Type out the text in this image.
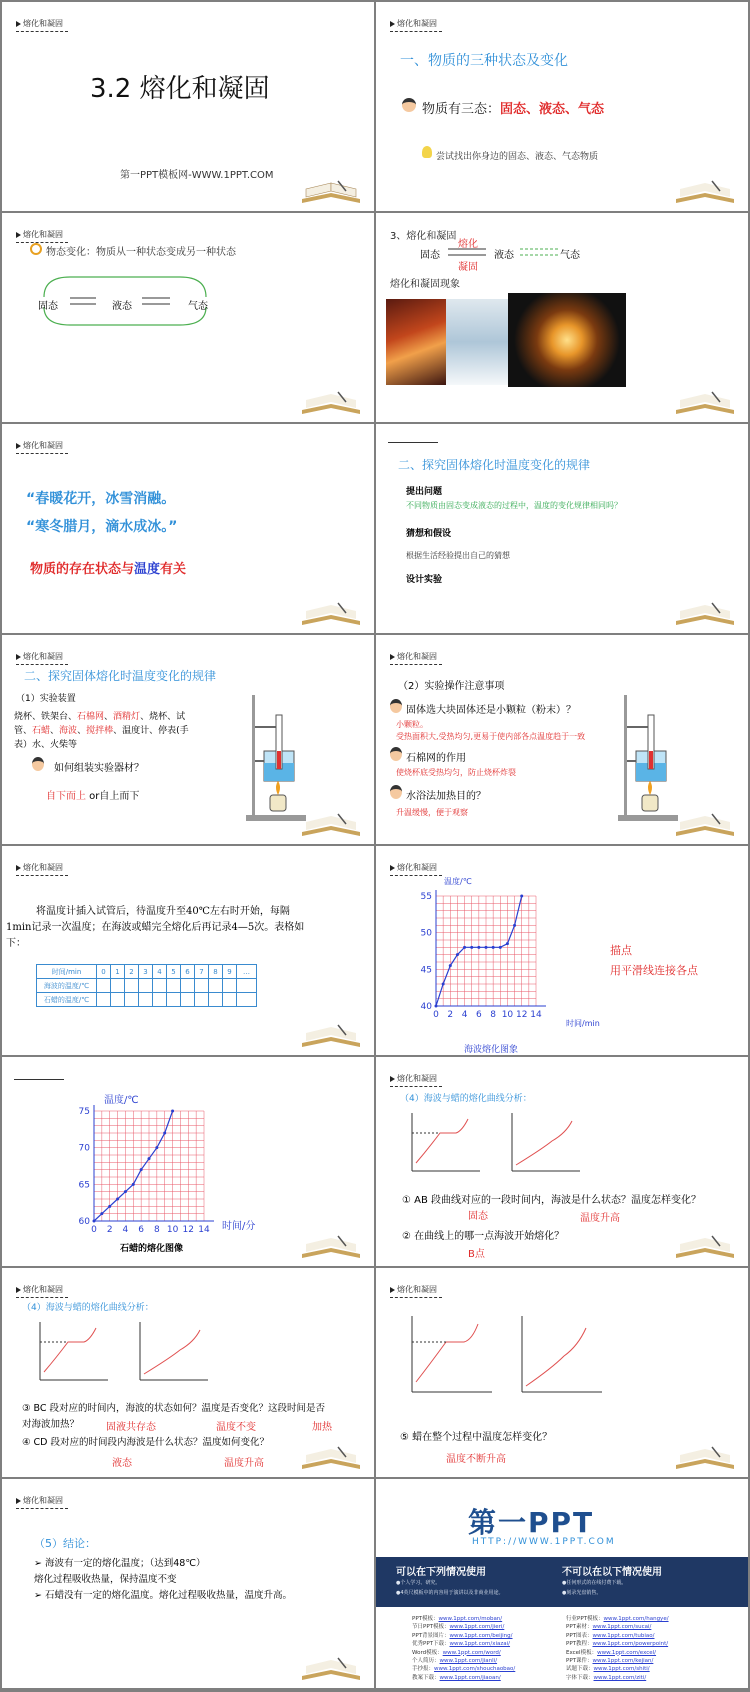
熔化和凝固
3.2 熔化和凝固
第一PPT模板网-WWW.1PPT.COM
熔化和凝固
一、物质的三种状态及变化
物质有三态：固态、液态、气态
尝试找出你身边的固态、液态、气态物质
熔化和凝固
物态变化：物质从一种状态变成另一种状态
固态	液态	气态
3、熔化和凝固
固态
熔化
凝固
液态	气态
熔化和凝固现象
熔化和凝固
“春暖花开，冰雪消融。
“寒冬腊月，滴水成冰。”
物质的存在状态与温度有关
二、探究固体熔化时温度变化的规律
提出问题
不同物质由固态变成液态的过程中，温度的变化规律相同吗？
猜想和假设
根据生活经验提出自己的猜想
设计实验
熔化和凝固
二、探究固体熔化时温度变化的规律
（1）实验装置
烧杯、铁架台、石棉网、酒精灯、烧杯、试
管、石蜡、海波、搅拌棒、温度计、停表(手
表）水、火柴等
如何组装实验器材？
自下而上 or自上而下
熔化和凝固
（2）实验操作注意事项
固体选大块固体还是小颗粒（粉末）？
小颗粒。
受热面积大,受热均匀,更易于使内部各点温度趋于一致
石棉网的作用
使烧杯底受热均匀，防止烧杯炸裂
水浴法加热目的？
升温缓慢，便于观察
熔化和凝固
将温度计插入试管后，待温度升至40℃左右时开始，每隔
1min记录一次温度；在海波或蜡完全熔化后再记录4—5次。表格如
下：
时间/min	0	1	2	3	4	5	6	7	8	9	…
海波的温度/℃											
石蜡的温度/℃											
熔化和凝固
温度/℃
55
50
45
40
0 2 4 6 8 10 12 14
时间/min
海波熔化图象
描点
用平滑线连接各点
温度/℃
75
70
65
60
0 2 4 6 8 10 12 14 时间/分
石蜡的熔化图像
熔化和凝固
（4）海波与蜡的熔化曲线分析：
① AB 段曲线对应的一段时间内，海波是什么状态？温度怎样变化？
固态	温度升高
② 在曲线上的哪一点海波开始熔化？
B点
熔化和凝固
（4）海波与蜡的熔化曲线分析：
③ BC 段对应的时间内，海波的状态如何？温度是否变化？这段时间是否
对海波加热？	固液共存态	温度不变	加热
④ CD 段对应的时间段内海波是什么状态？温度如何变化？
液态	温度升高
熔化和凝固
⑤ 蜡在整个过程中温度怎样变化？
温度不断升高
熔化和凝固
（5）结论：
➢ 海波有一定的熔化温度；（达到48℃）
熔化过程吸收热量，保持温度不变
➢ 石蜡没有一定的熔化温度。熔化过程吸收热量，温度升高。
第一PPT
HTTP://WWW.1PPT.COM
可以在下列情况使用
●个人学习、研究。
●4英尺模板中的内容用于演讲以及非商业用途。
不可以在以下情况使用
●任何形式的在线付费下载。
●刻录光盘销售。
PPT模板：www.1ppt.com/moban/
节日PPT模板：www.1ppt.com/jieri/
PPT背景图片：www.1ppt.com/beijing/
优秀PPT下载：www.1ppt.com/xiazai/
Word模板：www.1ppt.com/word/
个人简历：www.1ppt.com/jianli/
手抄报：www.1ppt.com/shouchaobao/
教案下载：www.1ppt.com/jiaoan/
行业PPT模板：www.1ppt.com/hangye/
PPT素材：www.1ppt.com/sucai/
PPT图表：www.1ppt.com/tubiao/
PPT教程：www.1ppt.com/powerpoint/
Excel模板：www.1ppt.com/excel/
PPT课件：www.1ppt.com/kejian/
试题下载：www.1ppt.com/shiti/
字体下载：www.1ppt.com/ziti/
